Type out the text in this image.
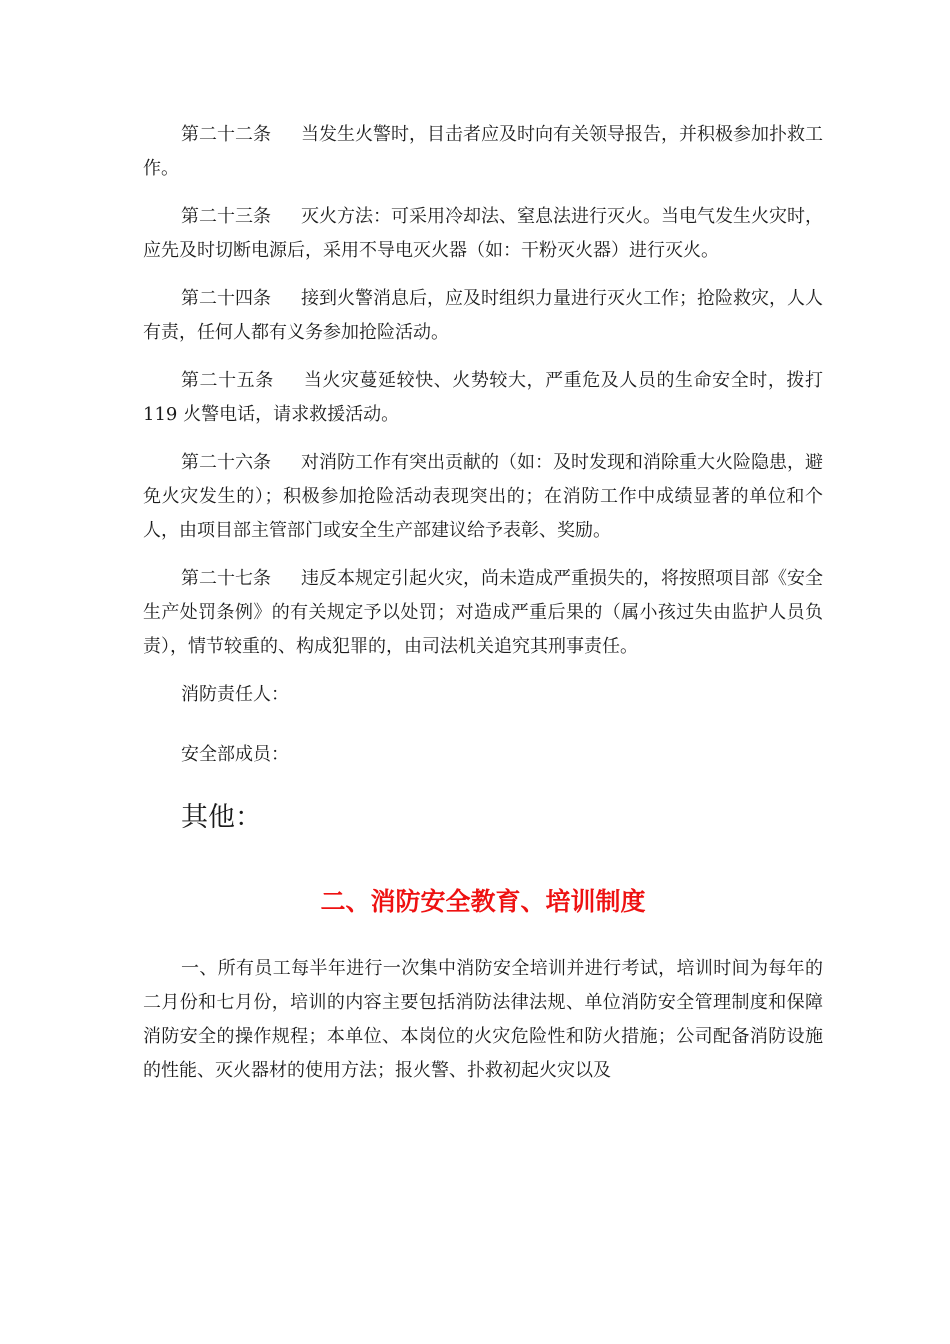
第二十二条 当发生火警时，目击者应及时向有关领导报告，并积极参加扑救工作。

第二十三条 灭火方法：可采用冷却法、窒息法进行灭火。当电气发生火灾时，应先及时切断电源后，采用不导电灭火器（如：干粉灭火器）进行灭火。

第二十四条 接到火警消息后，应及时组织力量进行灭火工作；抢险救灾，人人有责，任何人都有义务参加抢险活动。

第二十五条 当火灾蔓延较快、火势较大，严重危及人员的生命安全时，拨打 119 火警电话，请求救援活动。

第二十六条 对消防工作有突出贡献的（如：及时发现和消除重大火险隐患，避免火灾发生的）；积极参加抢险活动表现突出的；在消防工作中成绩显著的单位和个人，由项目部主管部门或安全生产部建议给予表彰、奖励。

第二十七条 违反本规定引起火灾，尚未造成严重损失的，将按照项目部《安全生产处罚条例》的有关规定予以处罚；对造成严重后果的（属小孩过失由监护人员负责），情节较重的、构成犯罪的，由司法机关追究其刑事责任。

消防责任人：

安全部成员：

其他：
二、消防安全教育、培训制度

一、所有员工每半年进行一次集中消防安全培训并进行考试，培训时间为每年的二月份和七月份，培训的内容主要包括消防法律法规、单位消防安全管理制度和保障消防安全的操作规程；本单位、本岗位的火灾危险性和防火措施；公司配备消防设施的性能、灭火器材的使用方法；报火警、扑救初起火灾以及
